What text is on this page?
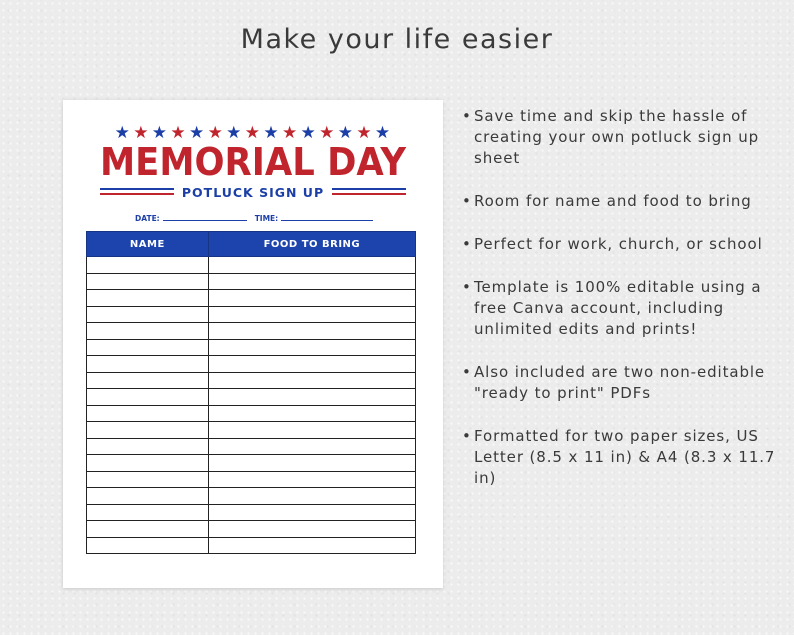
Make your life easier
★ ★ ★ ★ ★ ★ ★ ★ ★ ★ ★ ★ ★ ★ ★
MEMORIAL DAY
POTLUCK SIGN UP
DATE:	TIME:
NAME	FOOD TO BRING

• Save time and skip the hassle of creating your own potluck sign up sheet
• Room for name and food to bring
• Perfect for work, church, or school
• Template is 100% editable using a free Canva account, including unlimited edits and prints!
• Also included are two non-editable "ready to print" PDFs
• Formatted for two paper sizes, US Letter (8.5 x 11 in) & A4 (8.3 x 11.7 in)
